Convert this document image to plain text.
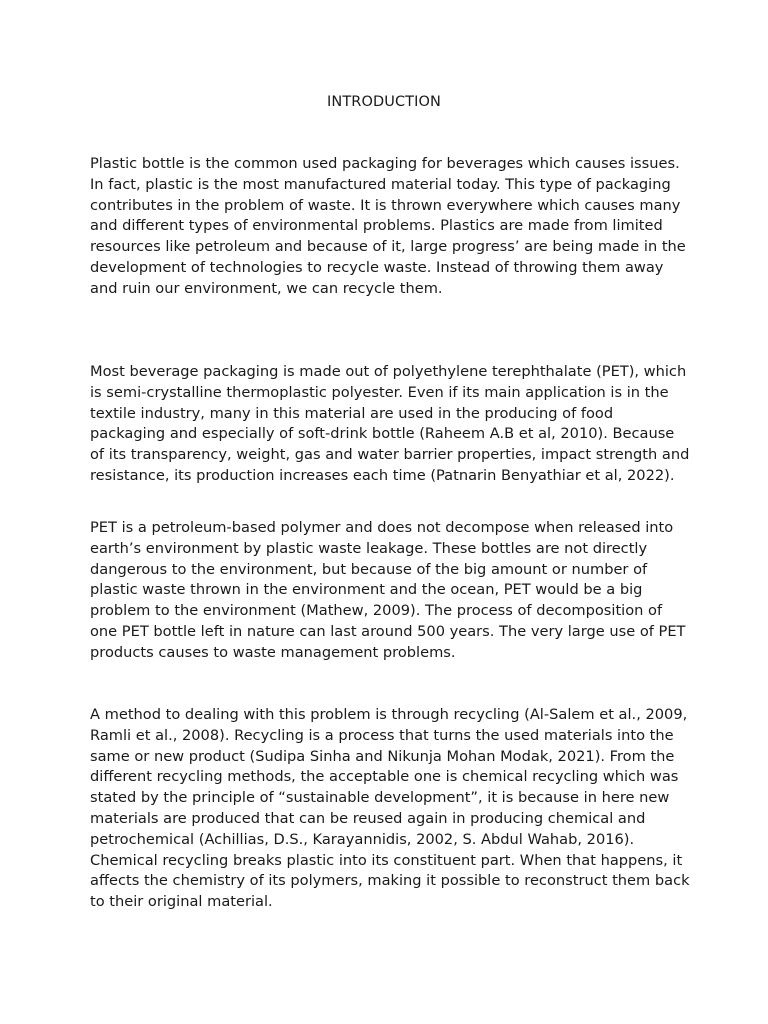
INTRODUCTION

Plastic bottle is the common used packaging for beverages which causes issues. In fact, plastic is the most manufactured material today. This type of packaging contributes in the problem of waste. It is thrown everywhere which causes many and different types of environmental problems. Plastics are made from limited resources like petroleum and because of it, large progress’ are being made in the development of technologies to recycle waste. Instead of throwing them away and ruin our environment, we can recycle them.

Most beverage packaging is made out of polyethylene terephthalate (PET), which is semi-crystalline thermoplastic polyester. Even if its main application is in the textile industry, many in this material are used in the producing of food packaging and especially of soft-drink bottle (Raheem A.B et al, 2010). Because of its transparency, weight, gas and water barrier properties, impact strength and resistance, its production increases each time (Patnarin Benyathiar et al, 2022).

PET is a petroleum-based polymer and does not decompose when released into earth’s environment by plastic waste leakage. These bottles are not directly dangerous to the environment, but because of the big amount or number of plastic waste thrown in the environment and the ocean, PET would be a big problem to the environment (Mathew, 2009). The process of decomposition of one PET bottle left in nature can last around 500 years. The very large use of PET products causes to waste management problems.

A method to dealing with this problem is through recycling (Al-Salem et al., 2009, Ramli et al., 2008). Recycling is a process that turns the used materials into the same or new product (Sudipa Sinha and Nikunja Mohan Modak, 2021). From the different recycling methods, the acceptable one is chemical recycling which was stated by the principle of “sustainable development”, it is because in here new materials are produced that can be reused again in producing chemical and petrochemical (Achillias, D.S., Karayannidis, 2002, S. Abdul Wahab, 2016). Chemical recycling breaks plastic into its constituent part. When that happens, it affects the chemistry of its polymers, making it possible to reconstruct them back to their original material.
